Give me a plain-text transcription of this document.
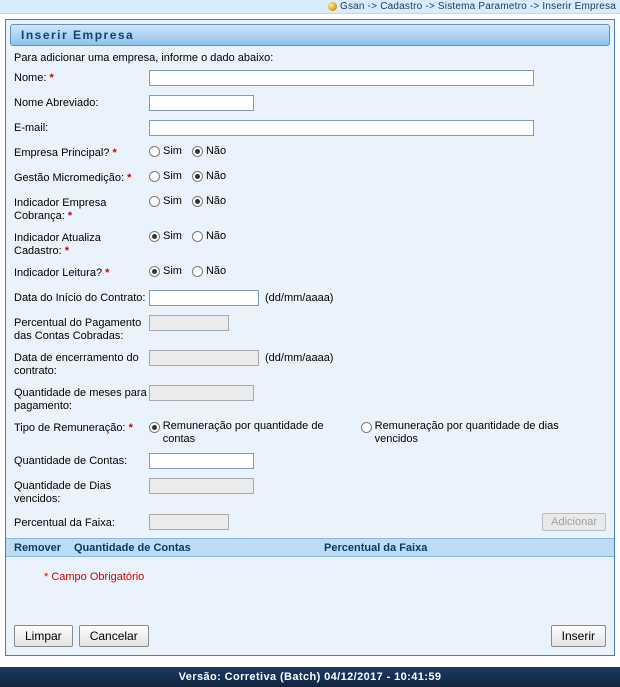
Gsan -> Cadastro -> Sistema Parametro -> Inserir Empresa
Inserir Empresa
Para adicionar uma empresa, informe o dado abaixo:
Nome: *
Nome Abreviado:
E-mail:
Empresa Principal? *	Sim Não
Gestão Micromedição: *	Sim Não
Indicador Empresa Cobrança: *
Sim Não
Indicador Atualiza Cadastro: *
Sim Não
Indicador Leitura? *	Sim Não
Data do Início do Contrato:	(dd/mm/aaaa)
Percentual do Pagamento das Contas Cobradas:
Data de encerramento do contrato:
(dd/mm/aaaa)
Quantidade de meses para pagamento:
Tipo de Remuneração: *	Remuneração por quantidade de contas
Remuneração por quantidade de dias vencidos
Quantidade de Contas:
Quantidade de Dias vencidos:
Percentual da Faixa:	Adicionar
Remover	Quantidade de Contas	Percentual da Faixa
* Campo Obrigatório
Limpar	Cancelar	Inserir
Versão: Corretiva (Batch) 04/12/2017 - 10:41:59
